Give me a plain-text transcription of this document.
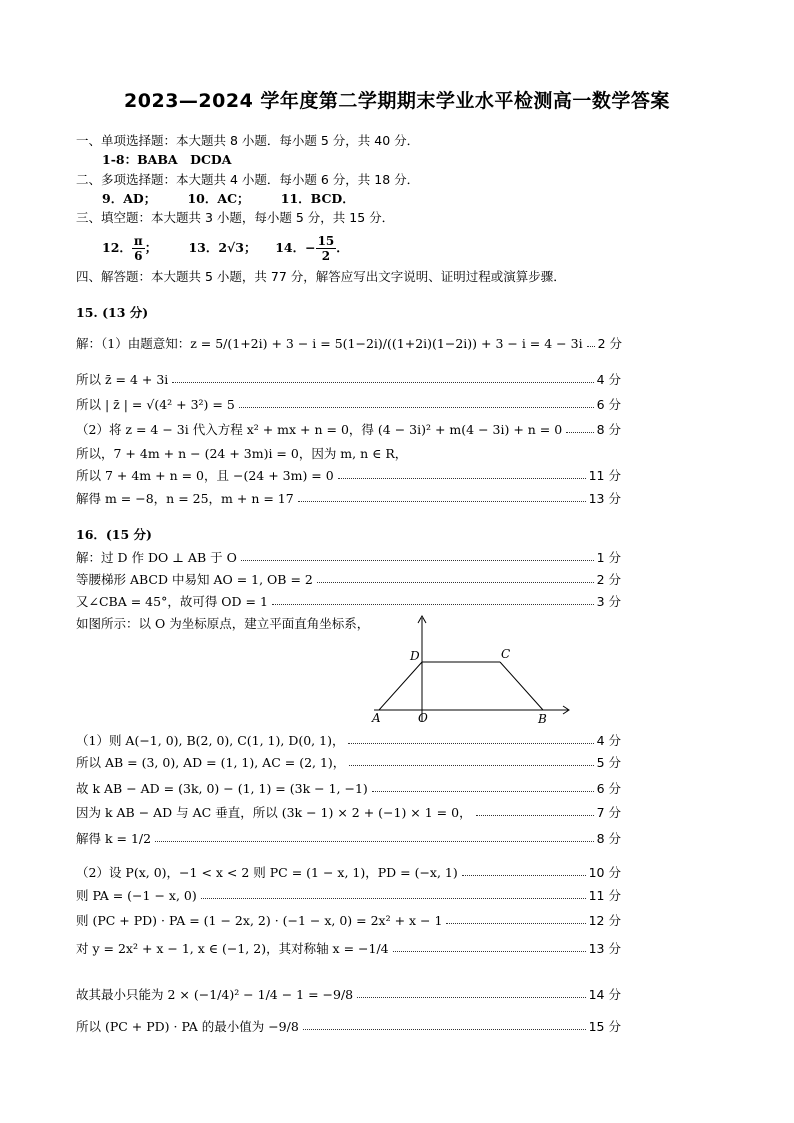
2023—2024 学年度第二学期期末学业水平检测高一数学答案
一、单项选择题：本大题共 8 小题．每小题 5 分，共 40 分．
1-8：BABA　DCDA
二、多项选择题：本大题共 4 小题．每小题 6 分，共 18 分．
9．AD；　　　10．AC；　　　11．BCD．
三、填空题：本大题共 3 小题，每小题 5 分，共 15 分．
12． $\frac{\pi}{6}$ ；　　　13．2√3；　　14．− $\frac{15}{2}$ ．
四、解答题：本大题共 5 小题，共 77 分，解答应写出文字说明、证明过程或演算步骤．
15. (13 分)
解：（1）由题意知：z = 5/(1+2i) + 3 − i = 5(1−2i)/((1+2i)(1−2i)) + 3 − i = 4 − 3i 2 分
所以 z̄ = 4 + 3i	4 分
所以 | z̄ | = √(4² + 3²) = 5	6 分
（2）将 z = 4 − 3i 代入方程 x² + mx + n = 0，得 (4 − 3i)² + m(4 − 3i) + n = 0	8 分
所以，7 + 4m + n − (24 + 3m)i = 0，因为 m, n ∈ R，
所以 7 + 4m + n = 0，且 −(24 + 3m) = 0	11 分
解得 m = −8，n = 25，m + n = 17	13 分
16．(15 分)
解：过 D 作 DO ⊥ AB 于 O	1 分
等腰梯形 ABCD 中易知 AO = 1, OB = 2	2 分
又∠CBA = 45°，故可得 OD = 1	3 分
如图所示：以 O 为坐标原点，建立平面直角坐标系，
A	B
C
D
O
（1）则 A(−1, 0), B(2, 0), C(1, 1), D(0, 1)，	4 分
所以 AB = (3, 0), AD = (1, 1), AC = (2, 1)，	5 分
故 k AB − AD = (3k, 0) − (1, 1) = (3k − 1, −1)	6 分
因为 k AB − AD 与 AC 垂直，所以 (3k − 1) × 2 + (−1) × 1 = 0，	7 分
解得 k = 1/2	8 分
（2）设 P(x, 0)，−1 < x < 2 则 PC = (1 − x, 1)，PD = (−x, 1)	10 分
则 PA = (−1 − x, 0)	11 分
则 (PC + PD) · PA = (1 − 2x, 2) · (−1 − x, 0) = 2x² + x − 1	12 分
对 y = 2x² + x − 1, x ∈ (−1, 2)，其对称轴 x = −1/4	13 分
故其最小只能为 2 × (−1/4)² − 1/4 − 1 = −9/8	14 分
所以 (PC + PD) · PA 的最小值为 −9/8	15 分
